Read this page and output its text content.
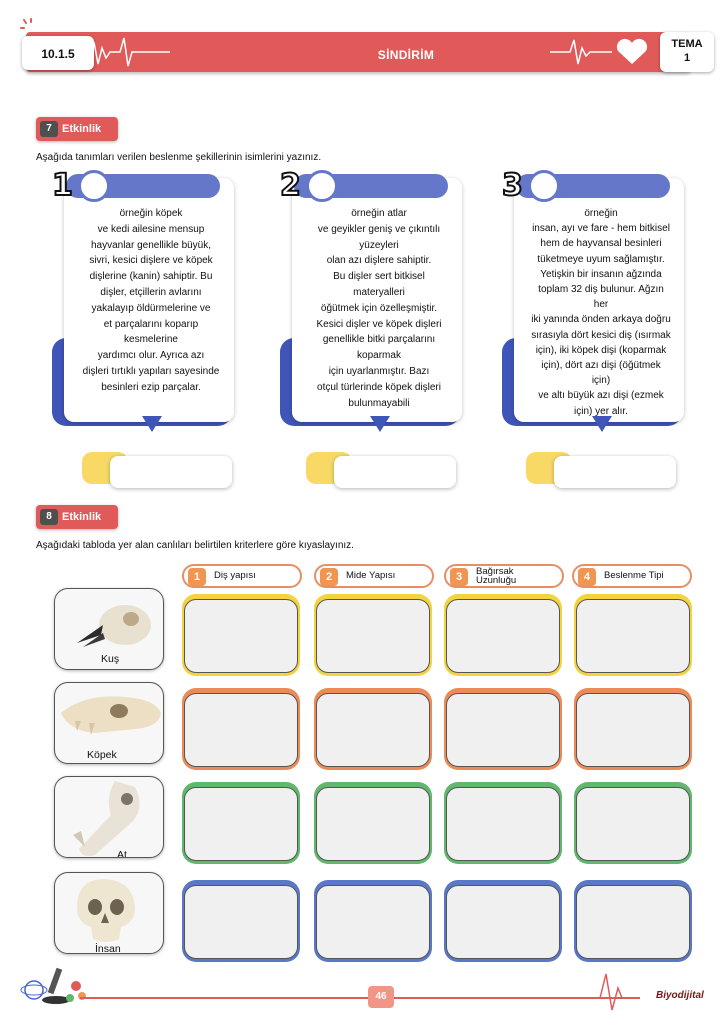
SİNDİRİM
10.1.5
TEMA
1
7 Etkinlik
Aşağıda tanımları verilen beslenme şekillerinin isimlerini yazınız.
1
örneğin köpek
ve kedi ailesine mensup
hayvanlar genellikle büyük,
sivri, kesici dişlere ve köpek
dişlerine (kanin) sahiptir. Bu
dişler, etçillerin avlarını
yakalayıp öldürmelerine ve
et parçalarını koparıp
kesmelerine
yardımcı olur. Ayrıca azı
dişleri tırtıklı yapıları sayesinde
besinleri ezip parçalar.
2
örneğin atlar
ve geyikler geniş ve çıkıntılı
yüzeyleri
olan azı dişlere sahiptir.
Bu dişler sert bitkisel
materyalleri
öğütmek için özelleşmiştir.
Kesici dişler ve köpek dişleri
genellikle bitki parçalarını
koparmak
için uyarlanmıştır. Bazı
otçul türlerinde köpek dişleri
bulunmayabili
3
örneğin
insan, ayı ve fare - hem bitkisel
hem de hayvansal besinleri
tüketmeye uyum sağlamıştır.
Yetişkin bir insanın ağzında
toplam 32 diş bulunur. Ağzın
her
iki yanında önden arkaya doğru
sırasıyla dört kesici diş (ısırmak
için), iki köpek dişi (koparmak
için), dört azı dişi (öğütmek
için)
ve altı büyük azı dişi (ezmek
için) yer alır.
8 Etkinlik
Aşağıdaki tabloda yer alan canlıları belirtilen kriterlere göre kıyaslayınız.
1	Diş yapısı	2	Mide Yapısı	3	Bağırsak
Uzunluğu	4	Beslenme Tipi
Kuş
Köpek
At
İnsan
46	Biyodijital
